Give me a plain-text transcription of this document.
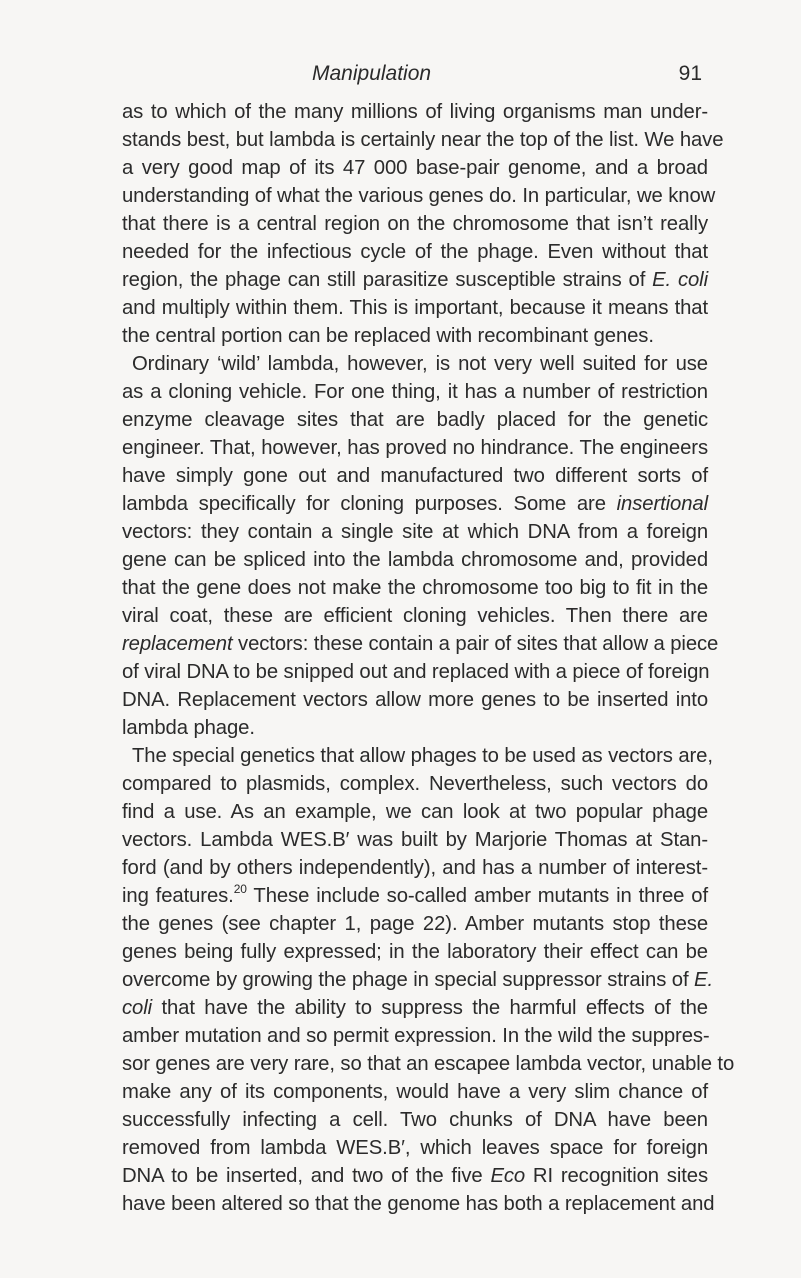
Manipulation	91
as to which of the many millions of living organisms man under-
stands best, but lambda is certainly near the top of the list. We have
a very good map of its 47 000 base-pair genome, and a broad
understanding of what the various genes do. In particular, we know
that there is a central region on the chromosome that isn’t really
needed for the infectious cycle of the phage. Even without that
region, the phage can still parasitize susceptible strains of E. coli
and multiply within them. This is important, because it means that
the central portion can be replaced with recombinant genes.
Ordinary ‘wild’ lambda, however, is not very well suited for use
as a cloning vehicle. For one thing, it has a number of restriction
enzyme cleavage sites that are badly placed for the genetic
engineer. That, however, has proved no hindrance. The engineers
have simply gone out and manufactured two different sorts of
lambda specifically for cloning purposes. Some are insertional
vectors: they contain a single site at which DNA from a foreign
gene can be spliced into the lambda chromosome and, provided
that the gene does not make the chromosome too big to fit in the
viral coat, these are efficient cloning vehicles. Then there are
replacement vectors: these contain a pair of sites that allow a piece
of viral DNA to be snipped out and replaced with a piece of foreign
DNA. Replacement vectors allow more genes to be inserted into
lambda phage.
The special genetics that allow phages to be used as vectors are,
compared to plasmids, complex. Nevertheless, such vectors do
find a use. As an example, we can look at two popular phage
vectors. Lambda WES.B′ was built by Marjorie Thomas at Stan-
ford (and by others independently), and has a number of interest-
ing features.$^{20}$ These include so-called amber mutants in three of
the genes (see chapter 1, page 22). Amber mutants stop these
genes being fully expressed; in the laboratory their effect can be
overcome by growing the phage in special suppressor strains of E.
coli that have the ability to suppress the harmful effects of the
amber mutation and so permit expression. In the wild the suppres-
sor genes are very rare, so that an escapee lambda vector, unable to
make any of its components, would have a very slim chance of
successfully infecting a cell. Two chunks of DNA have been
removed from lambda WES.B′, which leaves space for foreign
DNA to be inserted, and two of the five Eco RI recognition sites
have been altered so that the genome has both a replacement and
